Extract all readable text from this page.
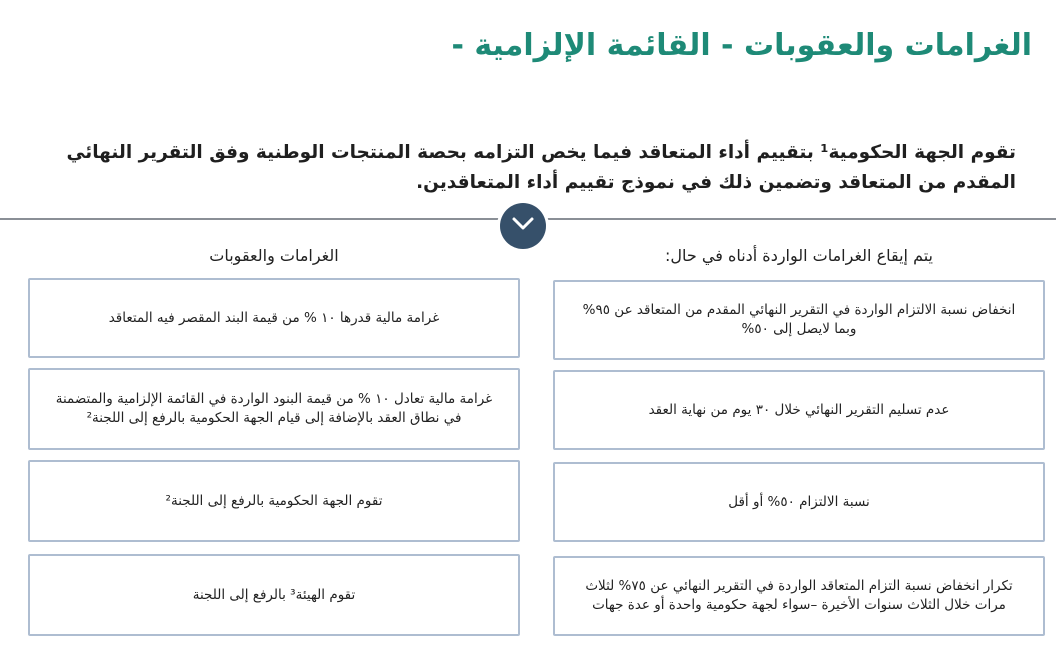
الغرامات والعقوبات - القائمة الإلزامية -
تقوم الجهة الحكومية¹ بتقييم أداء المتعاقد فيما يخص التزامه بحصة المنتجات الوطنية وفق التقرير النهائي
المقدم من المتعاقد وتضمين ذلك في نموذج تقييم أداء المتعاقدين.
يتم إيقاع الغرامات الواردة أدناه في حال:
الغرامات والعقوبات
انخفاض نسبة الالتزام الواردة في التقرير النهائي المقدم من المتعاقد عن ٩٥% وبما لايصل إلى ٥٠%
غرامة مالية قدرها ١٠ % من قيمة البند المقصر فيه المتعاقد
عدم تسليم التقرير النهائي خلال ٣٠ يوم من نهاية العقد
غرامة مالية تعادل ١٠ % من قيمة البنود الواردة في القائمة الإلزامية والمتضمنة في نطاق العقد بالإضافة إلى قيام الجهة الحكومية بالرفع إلى اللجنة²
نسبة الالتزام ٥٠% أو أقل
تقوم الجهة الحكومية بالرفع إلى اللجنة²
تكرار انخفاض نسبة التزام المتعاقد الواردة في التقرير النهائي عن ٧٥% لثلاث مرات خلال الثلاث سنوات الأخيرة –سواء لجهة حكومية واحدة أو عدة جهات
تقوم الهيئة³ بالرفع إلى اللجنة
